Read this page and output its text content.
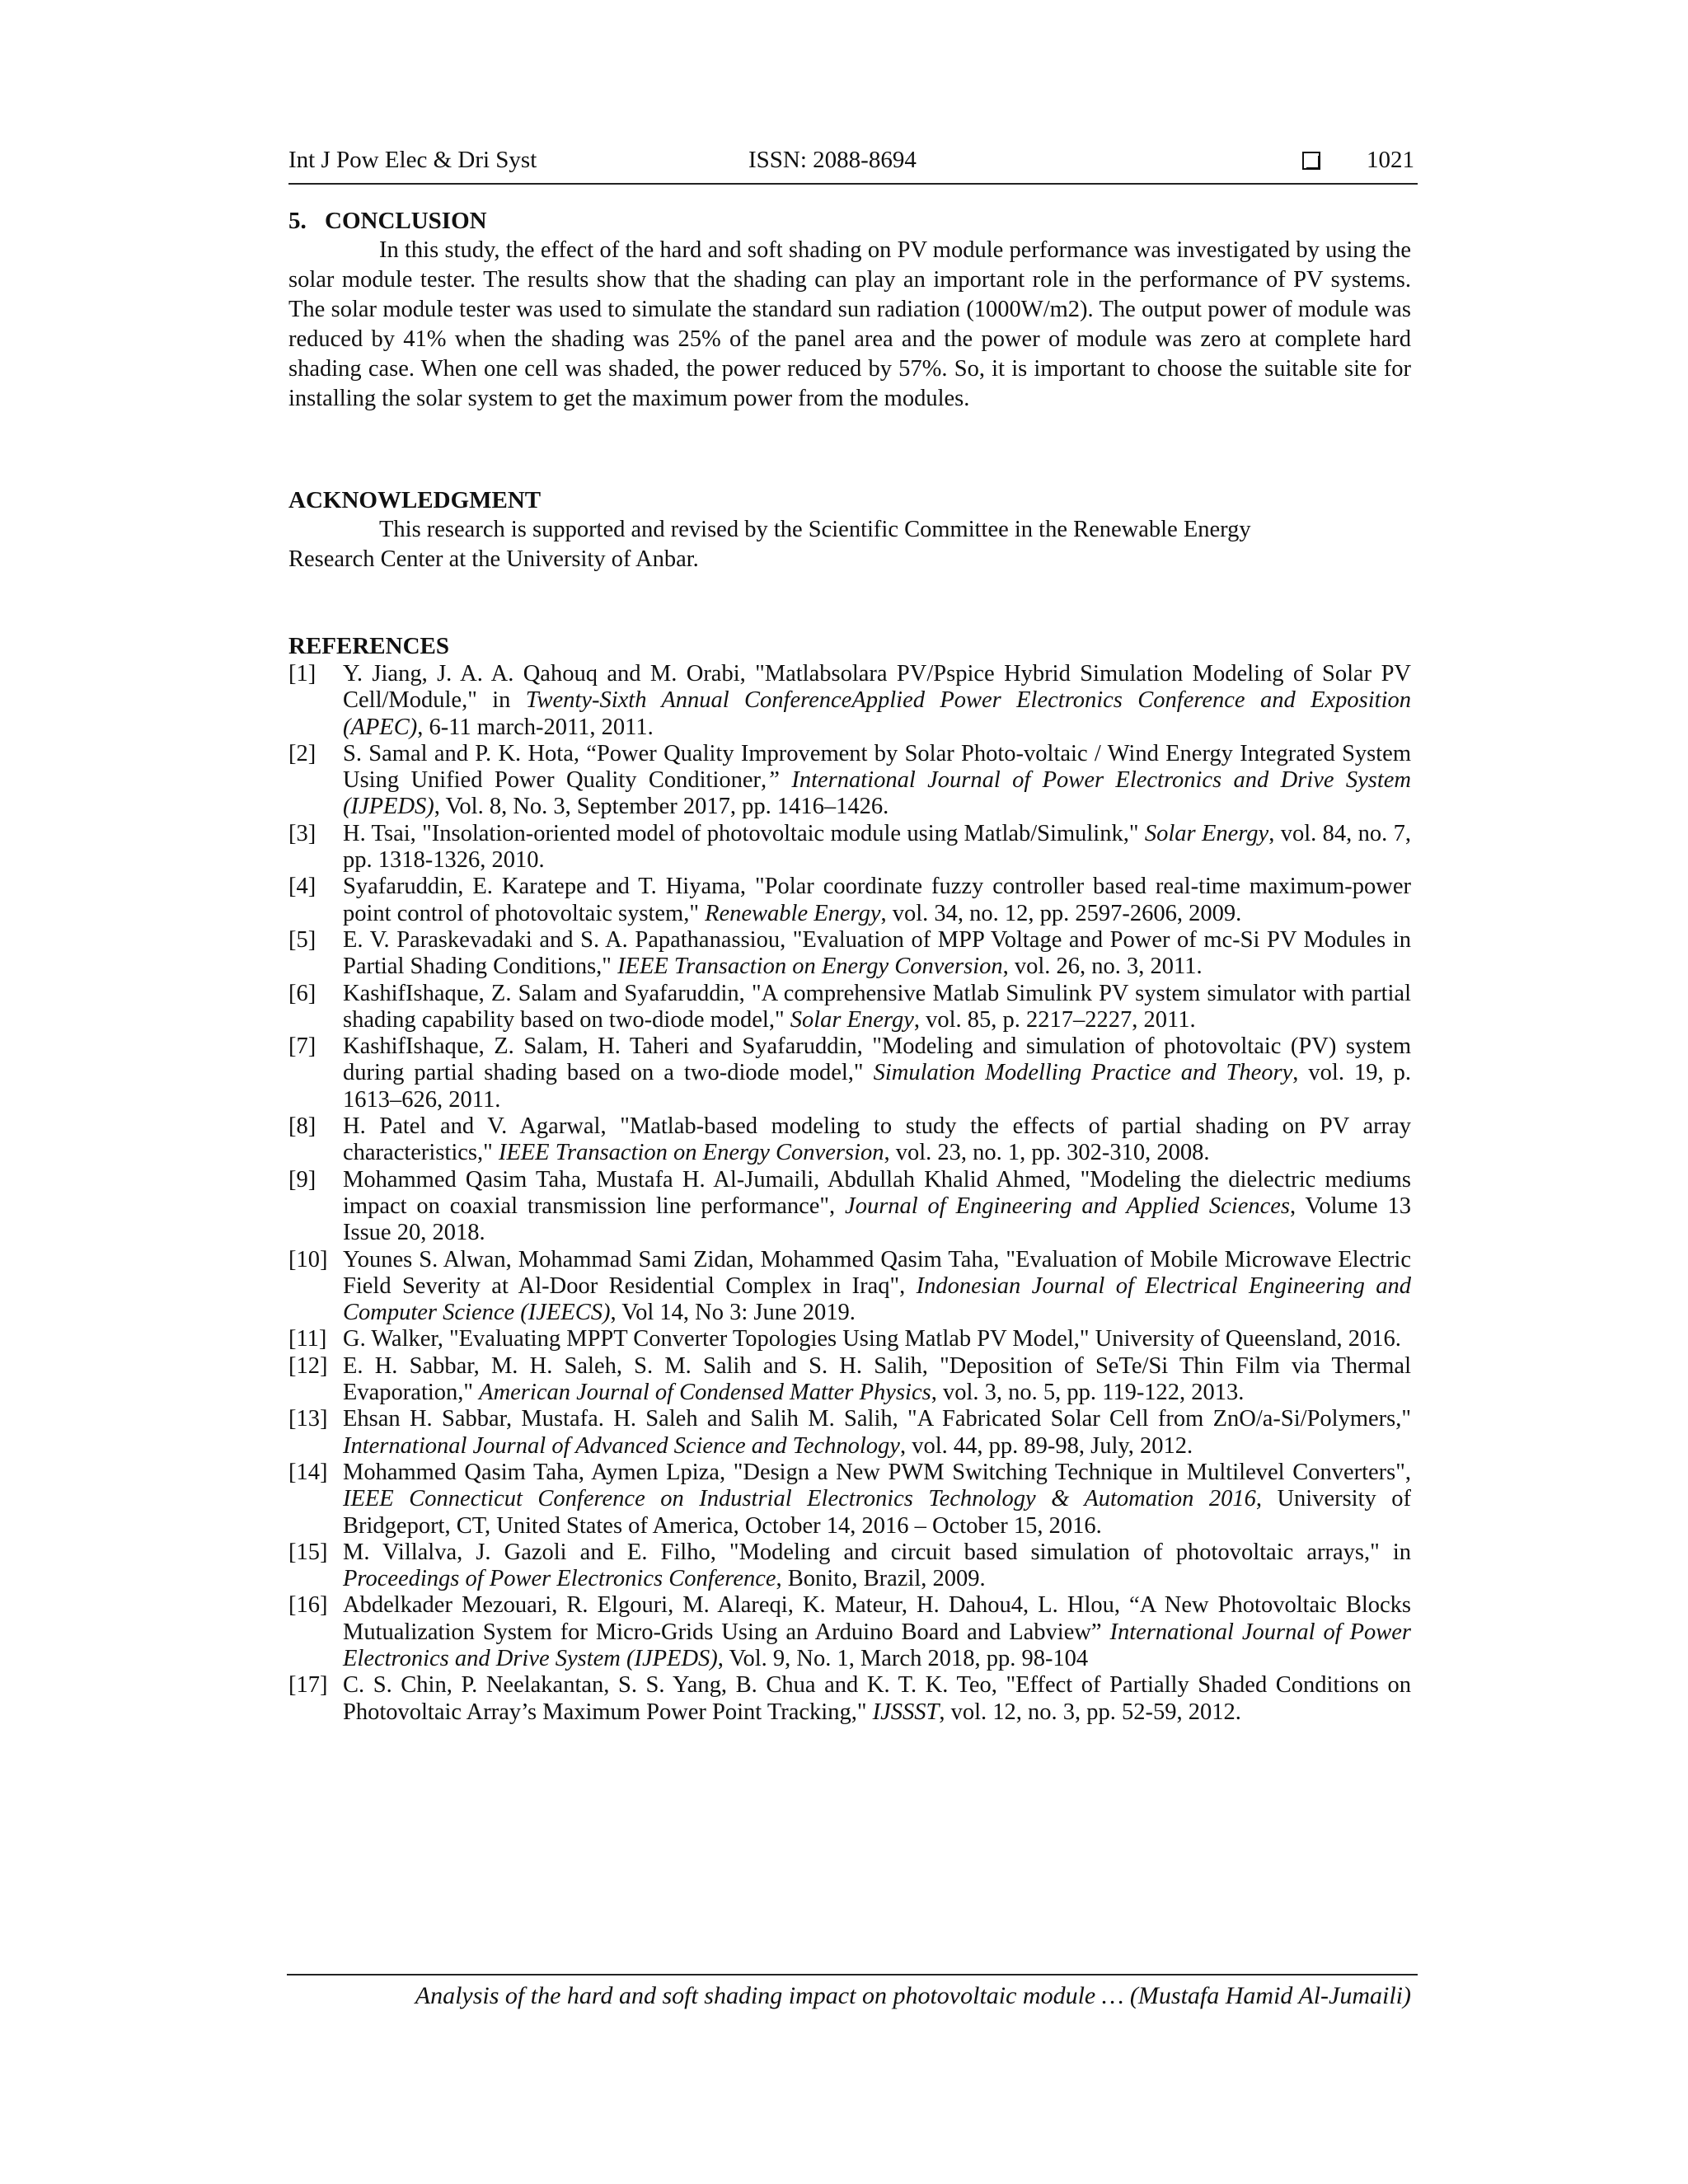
Int J Pow Elec & Dri Syst	ISSN: 2088-8694	1021
5. CONCLUSION

In this study, the effect of the hard and soft shading on PV module performance was investigated by using the solar module tester. The results show that the shading can play an important role in the performance of PV systems. The solar module tester was used to simulate the standard sun radiation (1000W/m2). The output power of module was reduced by 41% when the shading was 25% of the panel area and the power of module was zero at complete hard shading case. When one cell was shaded, the power reduced by 57%. So, it is important to choose the suitable site for installing the solar system to get the maximum power from the modules.

ACKNOWLEDGMENT

This research is supported and revised by the Scientific Committee in the Renewable Energy Research Center at the University of Anbar.

REFERENCES
[1] Y. Jiang, J. A. A. Qahouq and M. Orabi, "Matlabsolara PV/Pspice Hybrid Simulation Modeling of Solar PV Cell/Module," in Twenty-Sixth Annual ConferenceApplied Power Electronics Conference and Exposition (APEC), 6-11 march-2011, 2011.
[2] S. Samal and P. K. Hota, “Power Quality Improvement by Solar Photo-voltaic / Wind Energy Integrated System Using Unified Power Quality Conditioner,” International Journal of Power Electronics and Drive System (IJPEDS), Vol. 8, No. 3, September 2017, pp. 1416–1426.
[3] H. Tsai, "Insolation-oriented model of photovoltaic module using Matlab/Simulink," Solar Energy, vol. 84, no. 7, pp. 1318-1326, 2010.
[4] Syafaruddin, E. Karatepe and T. Hiyama, "Polar coordinate fuzzy controller based real-time maximum-power point control of photovoltaic system," Renewable Energy, vol. 34, no. 12, pp. 2597-2606, 2009.
[5] E. V. Paraskevadaki and S. A. Papathanassiou, "Evaluation of MPP Voltage and Power of mc-Si PV Modules in Partial Shading Conditions," IEEE Transaction on Energy Conversion, vol. 26, no. 3, 2011.
[6] KashifIshaque, Z. Salam and Syafaruddin, "A comprehensive Matlab Simulink PV system simulator with partial shading capability based on two-diode model," Solar Energy, vol. 85, p. 2217–2227, 2011.
[7] KashifIshaque, Z. Salam, H. Taheri and Syafaruddin, "Modeling and simulation of photovoltaic (PV) system during partial shading based on a two-diode model," Simulation Modelling Practice and Theory, vol. 19, p. 1613–626, 2011.
[8] H. Patel and V. Agarwal, "Matlab-based modeling to study the effects of partial shading on PV array characteristics," IEEE Transaction on Energy Conversion, vol. 23, no. 1, pp. 302-310, 2008.
[9] Mohammed Qasim Taha, Mustafa H. Al-Jumaili, Abdullah Khalid Ahmed, "Modeling the dielectric mediums impact on coaxial transmission line performance", Journal of Engineering and Applied Sciences, Volume 13 Issue 20, 2018.
[10] Younes S. Alwan, Mohammad Sami Zidan, Mohammed Qasim Taha, "Evaluation of Mobile Microwave Electric Field Severity at Al-Door Residential Complex in Iraq", Indonesian Journal of Electrical Engineering and Computer Science (IJEECS), Vol 14, No 3: June 2019.
[11] G. Walker, "Evaluating MPPT Converter Topologies Using Matlab PV Model," University of Queensland, 2016.
[12] E. H. Sabbar, M. H. Saleh, S. M. Salih and S. H. Salih, "Deposition of SeTe/Si Thin Film via Thermal Evaporation," American Journal of Condensed Matter Physics, vol. 3, no. 5, pp. 119-122, 2013.
[13] Ehsan H. Sabbar, Mustafa. H. Saleh and Salih M. Salih, "A Fabricated Solar Cell from ZnO/a-Si/Polymers," International Journal of Advanced Science and Technology, vol. 44, pp. 89-98, July, 2012.
[14] Mohammed Qasim Taha, Aymen Lpiza, "Design a New PWM Switching Technique in Multilevel Converters", IEEE Connecticut Conference on Industrial Electronics Technology & Automation 2016, University of Bridgeport, CT, United States of America, October 14, 2016 – October 15, 2016.
[15] M. Villalva, J. Gazoli and E. Filho, "Modeling and circuit based simulation of photovoltaic arrays," in Proceedings of Power Electronics Conference, Bonito, Brazil, 2009.
[16] Abdelkader Mezouari, R. Elgouri, M. Alareqi, K. Mateur, H. Dahou4, L. Hlou, “A New Photovoltaic Blocks Mutualization System for Micro-Grids Using an Arduino Board and Labview” International Journal of Power Electronics and Drive System (IJPEDS), Vol. 9, No. 1, March 2018, pp. 98-104
[17] C. S. Chin, P. Neelakantan, S. S. Yang, B. Chua and K. T. K. Teo, "Effect of Partially Shaded Conditions on Photovoltaic Array’s Maximum Power Point Tracking," IJSSST, vol. 12, no. 3, pp. 52-59, 2012.
Analysis of the hard and soft shading impact on photovoltaic module … (Mustafa Hamid Al-Jumaili)
